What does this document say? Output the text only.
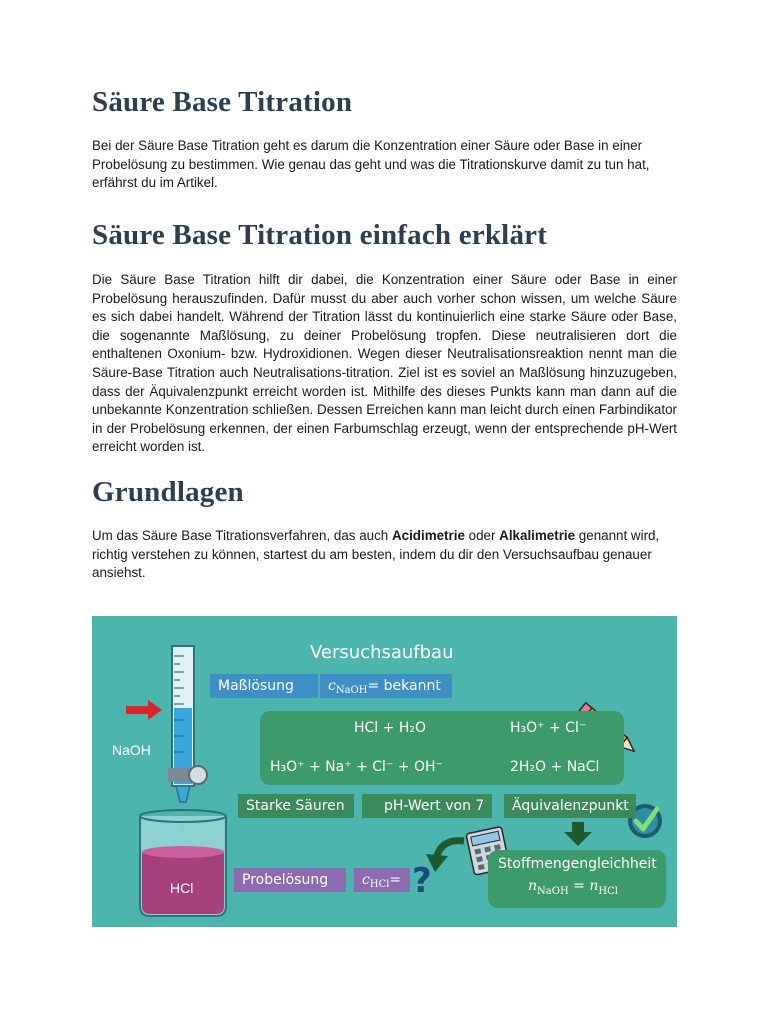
Säure Base Titration

Bei der Säure Base Titration geht es darum die Konzentration einer Säure oder Base in einer Probelösung zu bestimmen. Wie genau das geht und was die Titrationskurve damit zu tun hat, erfährst du im Artikel.

Säure Base Titration einfach erklärt

Die Säure Base Titration hilft dir dabei, die Konzentration einer Säure oder Base in einer Probelösung herauszufinden. Dafür musst du aber auch vorher schon wissen, um welche Säure es sich dabei handelt. Während der Titration lässt du kontinuierlich eine starke Säure oder Base, die sogenannte Maßlösung, zu deiner Probelösung tropfen. Diese neutralisieren dort die enthaltenen Oxonium- bzw. Hydroxidionen. Wegen dieser Neutralisationsreaktion nennt man die Säure-Base Titration auch Neutralisations-titration. Ziel ist es soviel an Maßlösung hinzuzugeben, dass der Äquivalenzpunkt erreicht worden ist. Mithilfe des dieses Punkts kann man dann auf die unbekannte Konzentration schließen. Dessen Erreichen kann man leicht durch einen Farbindikator in der Probelösung erkennen, der einen Farbumschlag erzeugt, wenn der entsprechende pH-Wert erreicht worden ist.

Grundlagen

Um das Säure Base Titrationsverfahren, das auch Acidimetrie oder Alkalimetrie genannt wird, richtig verstehen zu können, startest du am besten, indem du dir den Versuchsaufbau genauer ansiehst.

?
Versuchsaufbau
NaOH
HCl
Maßlösung	c $_{NaOH}$ = bekannt
HCl + H₂O	H₃O⁺ + Cl⁻
H₃O⁺ + Na⁺ + Cl⁻ + OH⁻	2H₂O + NaCl
Starke Säuren	pH-Wert von 7	Äquivalenzpunkt
Probelösung	c $_{HCl}$ =
Stoffmengengleichheit
$n_{NaOH} = n_{HCl}$
